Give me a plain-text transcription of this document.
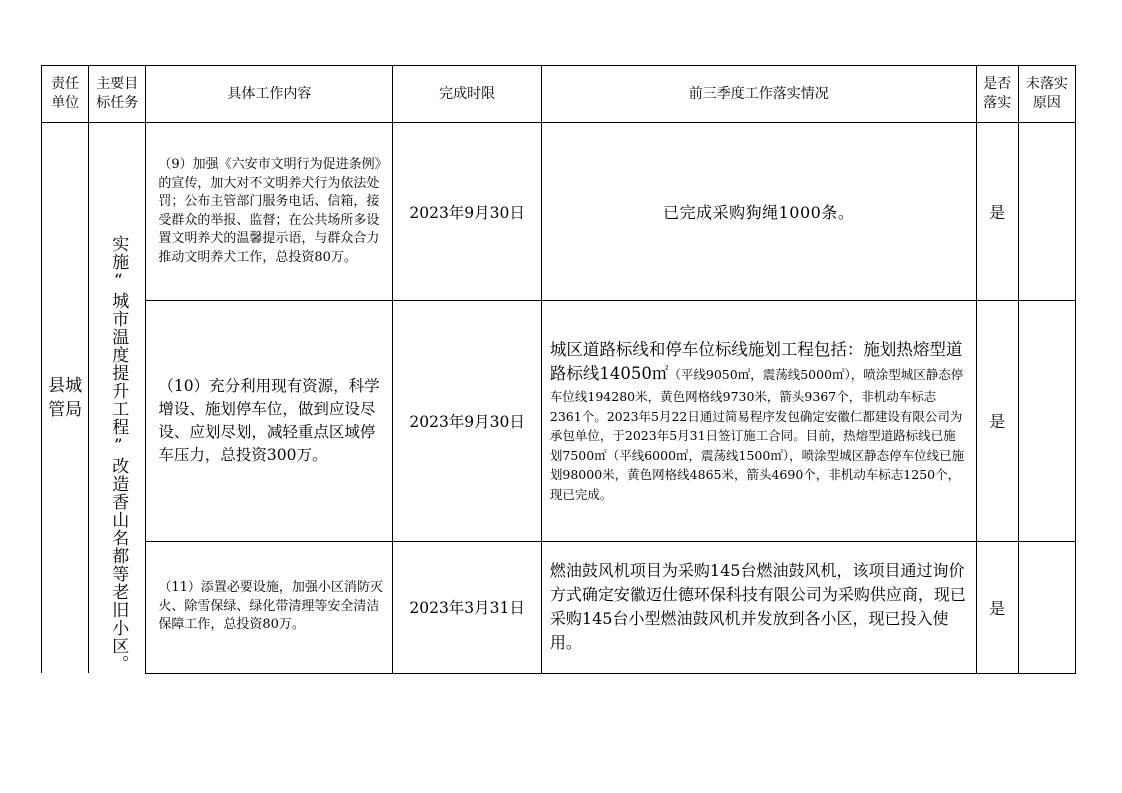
责任单位	主要目标任务	具体工作内容	完成时限	前三季度工作落实情况	是否落实	未落实原因

县城管局	实施“城市温度提升工程”改造香山名都等老旧小区。	（9）加强《六安市文明行为促进条例》的宣传，加大对不文明养犬行为依法处罚；公布主管部门服务电话、信箱，接受群众的举报、监督；在公共场所多设置文明养犬的温馨提示语，与群众合力推动文明养犬工作，总投资80万。	2023年9月30日	已完成采购狗绳1000条。	是	

		（10）充分利用现有资源，科学增设、施划停车位，做到应设尽设、应划尽划，减轻重点区域停车压力，总投资300万。	2023年9月30日	城区道路标线和停车位标线施划工程包括：施划热熔型道路标线14050㎡（平线9050㎡，震荡线5000㎡），喷涂型城区静态停车位线194280米，黄色网格线9730米，箭头9367个，非机动车标志2361个。2023年5月22日通过简易程序发包确定安徽仁都建设有限公司为承包单位，于2023年5月31日签订施工合同。目前，热熔型道路标线已施划7500㎡（平线6000㎡，震荡线1500㎡），喷涂型城区静态停车位线已施划98000米，黄色网格线4865米，箭头4690个，非机动车标志1250个，现已完成。	是	

		（11）添置必要设施，加强小区消防灭火、除雪保绿、绿化带清理等安全清洁保障工作，总投资80万。	2023年3月31日	燃油鼓风机项目为采购145台燃油鼓风机，该项目通过询价方式确定安徽迈仕德环保科技有限公司为采购供应商，现已采购145台小型燃油鼓风机并发放到各小区，现已投入使用。	是	
